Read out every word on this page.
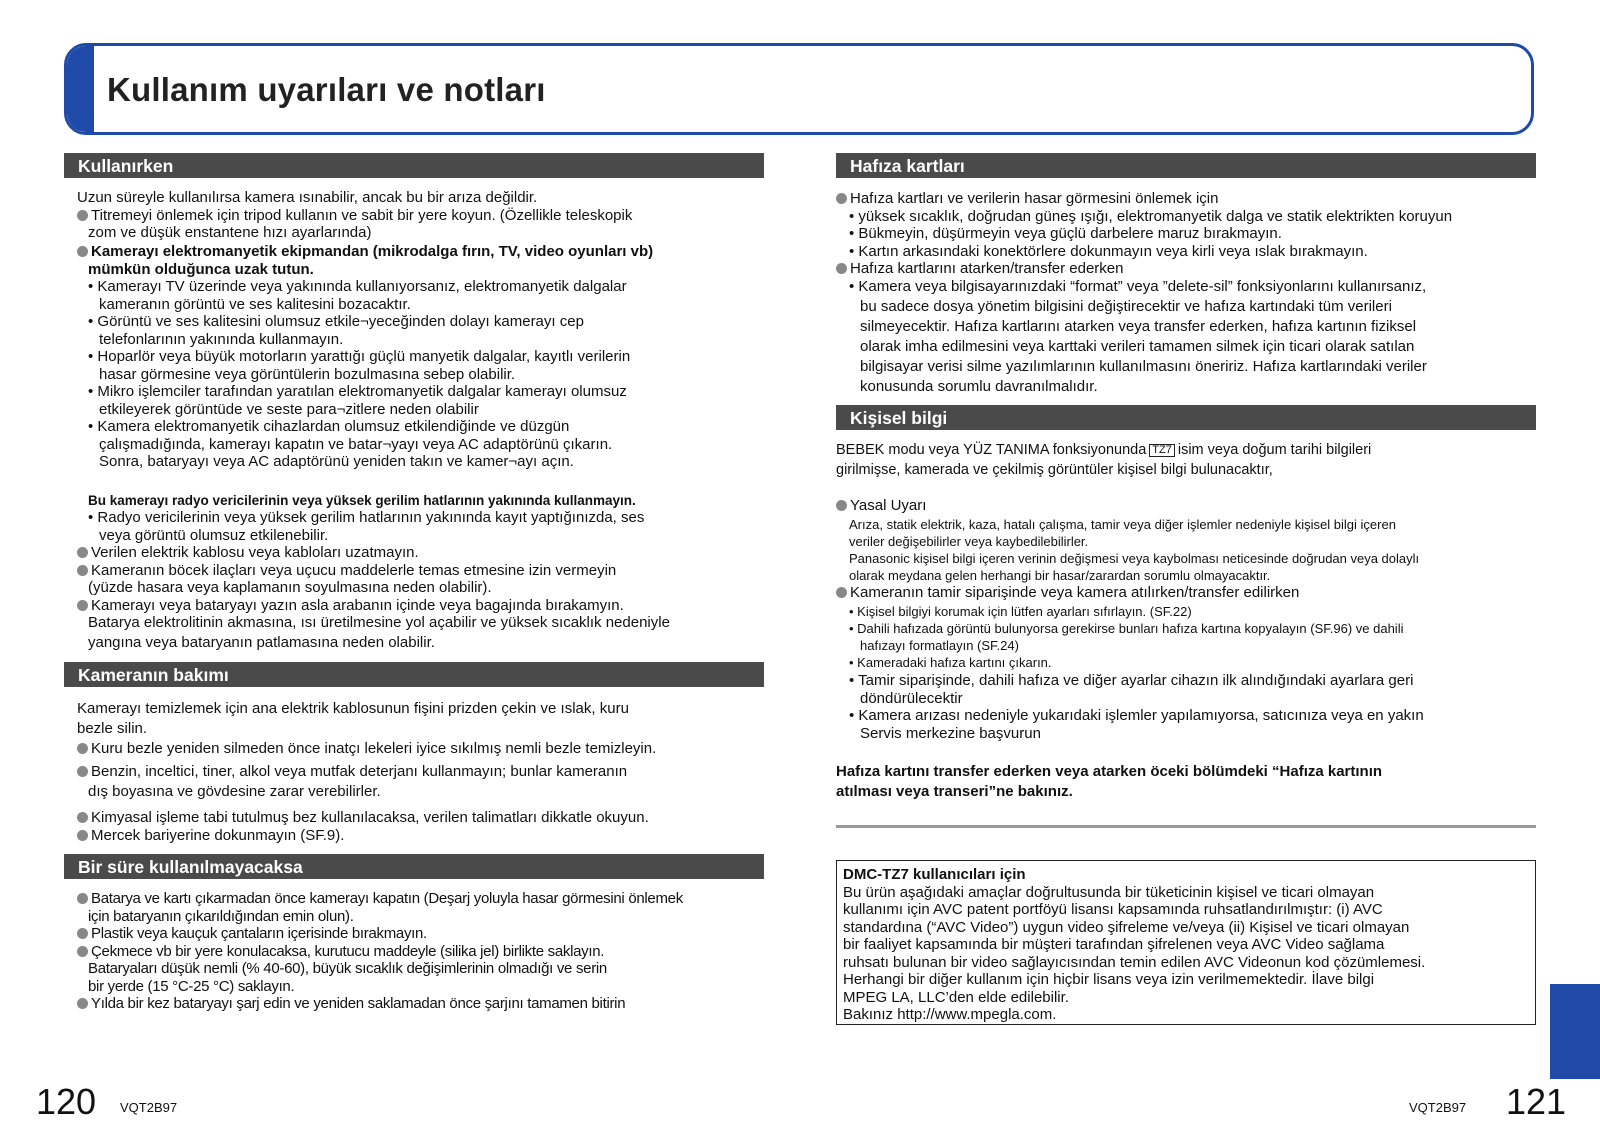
Kullanım uyarıları ve notları
Kullanırken
Uzun süreyle kullanılırsa kamera ısınabilir, ancak bu bir arıza değildir.
Titremeyi önlemek için tripod kullanın ve sabit bir yere koyun. (Özellikle teleskopik
zom ve düşük enstantene hızı ayarlarında)
Kamerayı elektromanyetik ekipmandan (mikrodalga fırın, TV, video oyunları vb)
mümkün olduğunca uzak tutun.
• Kamerayı TV üzerinde veya yakınında kullanıyorsanız, elektromanyetik dalgalar
kameranın görüntü ve ses kalitesini bozacaktır.
• Görüntü ve ses kalitesini olumsuz etkile¬yeceğinden dolayı kamerayı cep
telefonlarının yakınında kullanmayın.
• Hoparlör veya büyük motorların yarattığı güçlü manyetik dalgalar, kayıtlı verilerin
hasar görmesine veya görüntülerin bozulmasına sebep olabilir.
• Mikro işlemciler tarafından yaratılan elektromanyetik dalgalar kamerayı olumsuz
etkileyerek görüntüde ve seste para¬zitlere neden olabilir
• Kamera elektromanyetik cihazlardan olumsuz etkilendiğinde ve düzgün
çalışmadığında, kamerayı kapatın ve batar¬yayı veya AC adaptörünü çıkarın.
Sonra, bataryayı veya AC adaptörünü yeniden takın ve kamer¬ayı açın.
Bu kamerayı radyo vericilerinin veya yüksek gerilim hatlarının yakınında kullanmayın.
• Radyo vericilerinin veya yüksek gerilim hatlarının yakınında kayıt yaptığınızda, ses
veya görüntü olumsuz etkilenebilir.
Verilen elektrik kablosu veya kabloları uzatmayın.
Kameranın böcek ilaçları veya uçucu maddelerle temas etmesine izin vermeyin
(yüzde hasara veya kaplamanın soyulmasına neden olabilir).
Kamerayı veya bataryayı yazın asla arabanın içinde veya bagajında bırakamyın.
Batarya elektrolitinin akmasına, ısı üretilmesine yol açabilir ve yüksek sıcaklık nedeniyle
yangına veya bataryanın patlamasına neden olabilir.
Kameranın bakımı
Kamerayı temizlemek için ana elektrik kablosunun fişini prizden çekin ve ıslak, kuru
bezle silin.
Kuru bezle yeniden silmeden önce inatçı lekeleri iyice sıkılmış nemli bezle temizleyin.
Benzin, inceltici, tiner, alkol veya mutfak deterjanı kullanmayın; bunlar kameranın
dış boyasına ve gövdesine zarar verebilirler.
Kimyasal işleme tabi tutulmuş bez kullanılacaksa, verilen talimatları dikkatle okuyun.
Mercek bariyerine dokunmayın (SF.9).
Bir süre kullanılmayacaksa
Batarya ve kartı çıkarmadan önce kamerayı kapatın (Deşarj yoluyla hasar görmesini önlemek
için bataryanın çıkarıldığından emin olun).
Plastik veya kauçuk çantaların içerisinde bırakmayın.
Çekmece vb bir yere konulacaksa, kurutucu maddeyle (silika jel) birlikte saklayın.
Bataryaları düşük nemli (% 40-60), büyük sıcaklık değişimlerinin olmadığı ve serin
bir yerde (15 °C-25 °C) saklayın.
Yılda bir kez bataryayı şarj edin ve yeniden saklamadan önce şarjını tamamen bitirin
Hafıza kartları
Hafıza kartları ve verilerin hasar görmesini önlemek için
• yüksek sıcaklık, doğrudan güneş ışığı, elektromanyetik dalga ve statik elektrikten koruyun
• Bükmeyin, düşürmeyin veya güçlü darbelere maruz bırakmayın.
• Kartın arkasındaki konektörlere dokunmayın veya kirli veya ıslak bırakmayın.
Hafıza kartlarını atarken/transfer ederken
• Kamera veya bilgisayarınızdaki “format” veya ”delete-sil” fonksiyonlarını kullanırsanız,
bu sadece dosya yönetim bilgisini değiştirecektir ve hafıza kartındaki tüm verileri
silmeyecektir. Hafıza kartlarını atarken veya transfer ederken, hafıza kartının fiziksel
olarak imha edilmesini veya karttaki verileri tamamen silmek için ticari olarak satılan
bilgisayar verisi silme yazılımlarının kullanılmasını öneririz. Hafıza kartlarındaki veriler
konusunda sorumlu davranılmalıdır.
Kişisel bilgi
BEBEK modu veya YÜZ TANIMA fonksiyonunda TZ7 isim veya doğum tarihi bilgileri
girilmişse, kamerada ve çekilmiş görüntüler kişisel bilgi bulunacaktır,
Yasal Uyarı
Arıza, statik elektrik, kaza, hatalı çalışma, tamir veya diğer işlemler nedeniyle kişisel bilgi içeren
veriler değişebilirler veya kaybedilebilirler.
Panasonic kişisel bilgi içeren verinin değişmesi veya kaybolması neticesinde doğrudan veya dolaylı
olarak meydana gelen herhangi bir hasar/zarardan sorumlu olmayacaktır.
Kameranın tamir siparişinde veya kamera atılırken/transfer edilirken
• Kişisel bilgiyi korumak için lütfen ayarları sıfırlayın. (SF.22)
• Dahili hafızada görüntü bulunyorsa gerekirse bunları hafıza kartına kopyalayın (SF.96) ve dahili
hafızayı formatlayın (SF.24)
• Kameradaki hafıza kartını çıkarın.
• Tamir siparişinde, dahili hafıza ve diğer ayarlar cihazın ilk alındığındaki ayarlara geri
döndürülecektir
• Kamera arızası nedeniyle yukarıdaki işlemler yapılamıyorsa, satıcınıza veya en yakın
Servis merkezine başvurun
Hafıza kartını transfer ederken veya atarken öceki bölümdeki “Hafıza kartının
atılması veya transeri”ne bakınız.
DMC-TZ7 kullanıcıları için
Bu ürün aşağıdaki amaçlar doğrultusunda bir tüketicinin kişisel ve ticari olmayan
kullanımı için AVC patent portföyü lisansı kapsamında ruhsatlandırılmıştır: (i) AVC
standardına (“AVC Video”) uygun video şifreleme ve/veya (ii) Kişisel ve ticari olmayan
bir faaliyet kapsamında bir müşteri tarafından şifrelenen veya AVC Video sağlama
ruhsatı bulunan bir video sağlayıcısından temin edilen AVC Videonun kod çözümlemesi.
Herhangi bir diğer kullanım için hiçbir lisans veya izin verilmemektedir. İlave bilgi
MPEG LA, LLC’den elde edilebilir.
Bakınız http://www.mpegla.com.
120 VQT2B97	VQT2B97 121
